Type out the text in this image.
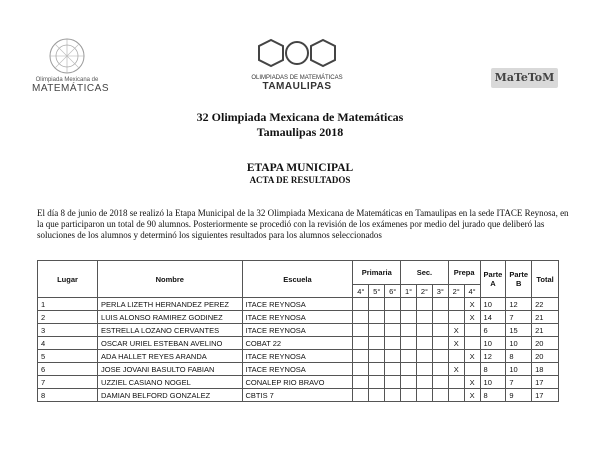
Olimpiada Mexicana de
MATEMÁTICAS
OLIMPIADAS DE MATEMÁTICAS
TAMAULIPAS
MaTeToM
32 Olimpiada Mexicana de Matemáticas
Tamaulipas 2018
ETAPA MUNICIPAL
ACTA DE RESULTADOS
El día 8 de junio de 2018 se realizó la Etapa Municipal de la 32 Olimpiada Mexicana de Matemáticas en Tamaulipas en la sede ITACE Reynosa, en la que participaron un total de 90 alumnos. Posteriormente se procedió con la revisión de los exámenes por medio del jurado que deliberó las soluciones de los alumnos y determinó los siguientes resultados para los alumnos seleccionados
Lugar	Nombre	Escuela	Primaria			Sec.			Prepa		Parte A	Parte B	Total
			4°	5°	6°	1°	2°	3°	2°	4°			
1	PERLA LIZETH HERNANDEZ PEREZ	ITACE REYNOSA								X	10	12	22
2	LUIS ALONSO RAMIREZ GODINEZ	ITACE REYNOSA								X	14	7	21
3	ESTRELLA LOZANO CERVANTES	ITACE REYNOSA							X		6	15	21
4	OSCAR URIEL ESTEBAN AVELINO	COBAT 22							X		10	10	20
5	ADA HALLET REYES ARANDA	ITACE REYNOSA								X	12	8	20
6	JOSE JOVANI BASULTO FABIAN	ITACE REYNOSA							X		8	10	18
7	UZZIEL CASIANO NOGEL	CONALEP RIO BRAVO								X	10	7	17
8	DAMIAN BELFORD GONZALEZ	CBTIS 7								X	8	9	17
